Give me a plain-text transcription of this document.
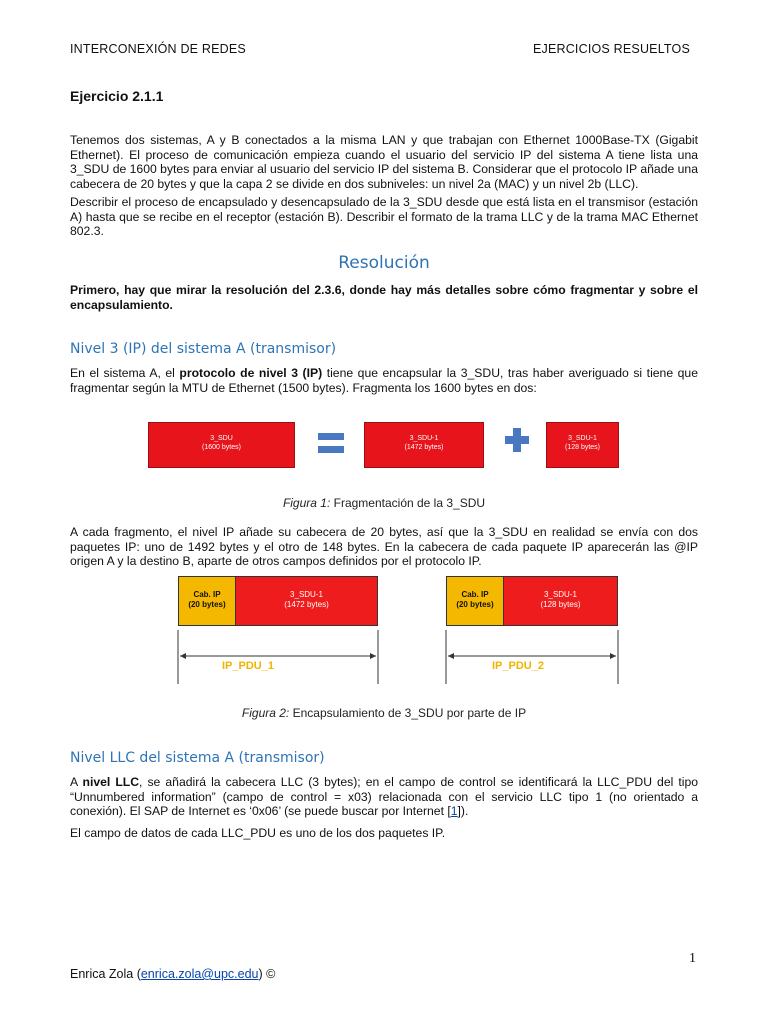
INTERCONEXIÓN DE REDES	EJERCICIOS RESUELTOS
Ejercicio 2.1.1
Tenemos dos sistemas, A y B conectados a la misma LAN y que trabajan con Ethernet 1000Base-TX (Gigabit Ethernet). El proceso de comunicación empieza cuando el usuario del servicio IP del sistema A tiene lista una 3_SDU de 1600 bytes para enviar al usuario del servicio IP del sistema B. Considerar que el protocolo IP añade una cabecera de 20 bytes y que la capa 2 se divide en dos subniveles: un nivel 2a (MAC) y un nivel 2b (LLC).
Describir el proceso de encapsulado y desencapsulado de la 3_SDU desde que está lista en el transmisor (estación A) hasta que se recibe en el receptor (estación B). Describir el formato de la trama LLC y de la trama MAC Ethernet 802.3.
Resolución
Primero, hay que mirar la resolución del 2.3.6, donde hay más detalles sobre cómo fragmentar y sobre el encapsulamiento.
Nivel 3 (IP) del sistema A (transmisor)
En el sistema A, el protocolo de nivel 3 (IP) tiene que encapsular la 3_SDU, tras haber averiguado si tiene que fragmentar según la MTU de Ethernet (1500 bytes). Fragmenta los 1600 bytes en dos:
3_SDU
(1600 bytes)
3_SDU-1
(1472 bytes)
3_SDU-1
(128 bytes)
Figura 1: Fragmentación de la 3_SDU
A cada fragmento, el nivel IP añade su cabecera de 20 bytes, así que la 3_SDU en realidad se envía con dos paquetes IP: uno de 1492 bytes y el otro de 148 bytes. En la cabecera de cada paquete IP aparecerán las @IP origen A y la destino B, aparte de otros campos definidos por el protocolo IP.
Cab. IP
(20 bytes)
3_SDU-1
(1472 bytes)
IP_PDU_1
Cab. IP
(20 bytes)
3_SDU-1
(128 bytes)
IP_PDU_2
Figura 2: Encapsulamiento de 3_SDU por parte de IP
Nivel LLC del sistema A (transmisor)
A nivel LLC, se añadirá la cabecera LLC (3 bytes); en el campo de control se identificará la LLC_PDU del tipo “Unnumbered information” (campo de control = x03) relacionada con el servicio LLC tipo 1 (no orientado a conexión). El SAP de Internet es ‘0x06’ (se puede buscar por Internet [1]).
El campo de datos de cada LLC_PDU es uno de los dos paquetes IP.
1
Enrica Zola (enrica.zola@upc.edu) ©
